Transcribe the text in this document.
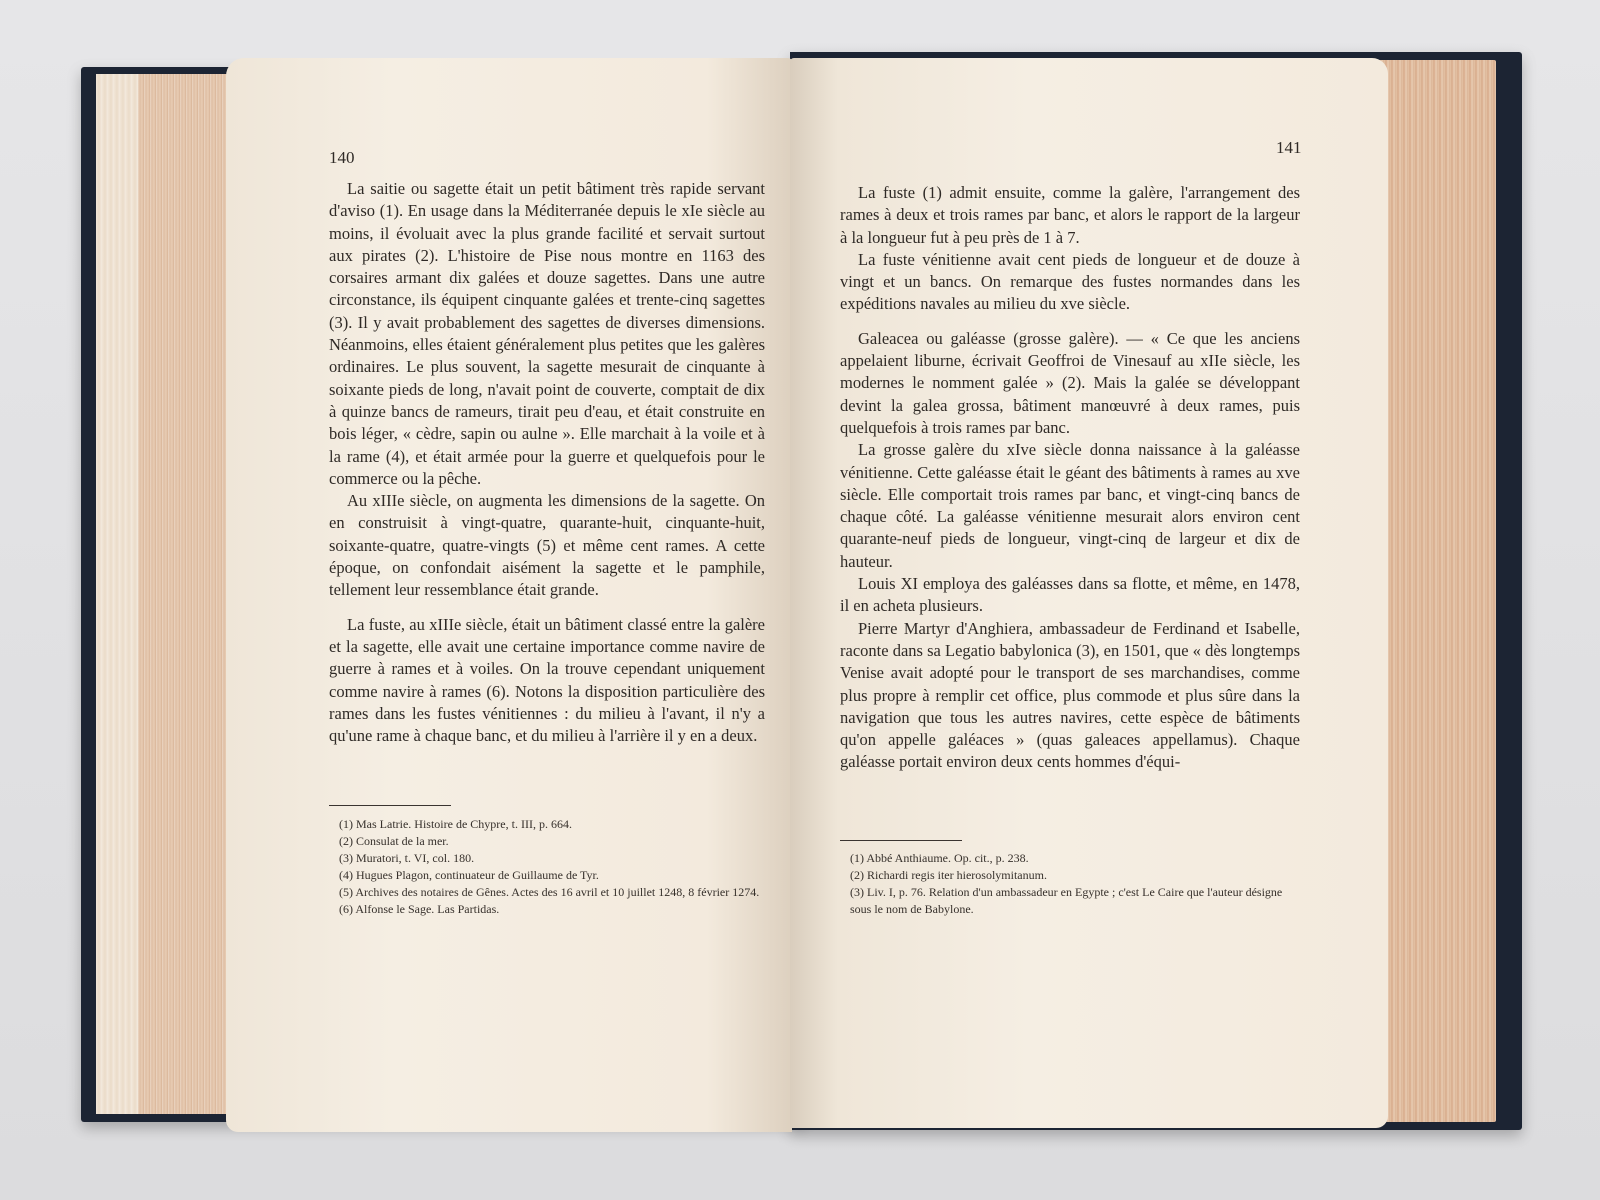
140

La saitie ou sagette était un petit bâtiment très rapide servant d'aviso (1). En usage dans la Méditerranée depuis le xIe siècle au moins, il évoluait avec la plus grande facilité et servait surtout aux pirates (2). L'histoire de Pise nous montre en 1163 des corsaires armant dix galées et douze sagettes. Dans une autre circonstance, ils équipent cinquante galées et trente-cinq sagettes (3). Il y avait probablement des sagettes de diverses dimensions. Néanmoins, elles étaient généralement plus petites que les galères ordinaires. Le plus souvent, la sagette mesurait de cinquante à soixante pieds de long, n'avait point de couverte, comptait de dix à quinze bancs de rameurs, tirait peu d'eau, et était construite en bois léger, « cèdre, sapin ou aulne ». Elle marchait à la voile et à la rame (4), et était armée pour la guerre et quelquefois pour le commerce ou la pêche.

Au xIIIe siècle, on augmenta les dimensions de la sagette. On en construisit à vingt-quatre, quarante-huit, cinquante-huit, soixante-quatre, quatre-vingts (5) et même cent rames. A cette époque, on confondait aisément la sagette et le pamphile, tellement leur ressemblance était grande.

La fuste, au xIIIe siècle, était un bâtiment classé entre la galère et la sagette, elle avait une certaine importance comme navire de guerre à rames et à voiles. On la trouve cependant uniquement comme navire à rames (6). Notons la disposition particulière des rames dans les fustes vénitiennes : du milieu à l'avant, il n'y a qu'une rame à chaque banc, et du milieu à l'arrière il y en a deux.

(1) Mas Latrie. Histoire de Chypre, t. III, p. 664.
(2) Consulat de la mer.
(3) Muratori, t. VI, col. 180.
(4) Hugues Plagon, continuateur de Guillaume de Tyr.
(5) Archives des notaires de Gênes. Actes des 16 avril et 10 juillet 1248, 8 février 1274.
(6) Alfonse le Sage. Las Partidas.
141

La fuste (1) admit ensuite, comme la galère, l'arrangement des rames à deux et trois rames par banc, et alors le rapport de la largeur à la longueur fut à peu près de 1 à 7.

La fuste vénitienne avait cent pieds de longueur et de douze à vingt et un bancs. On remarque des fustes normandes dans les expéditions navales au milieu du xve siècle.

Galeacea ou galéasse (grosse galère). — « Ce que les anciens appelaient liburne, écrivait Geoffroi de Vinesauf au xIIe siècle, les modernes le nomment galée » (2). Mais la galée se développant devint la galea grossa, bâtiment manœuvré à deux rames, puis quelquefois à trois rames par banc.

La grosse galère du xIve siècle donna naissance à la galéasse vénitienne. Cette galéasse était le géant des bâtiments à rames au xve siècle. Elle comportait trois rames par banc, et vingt-cinq bancs de chaque côté. La galéasse vénitienne mesurait alors environ cent quarante-neuf pieds de longueur, vingt-cinq de largeur et dix de hauteur.

Louis XI employa des galéasses dans sa flotte, et même, en 1478, il en acheta plusieurs.

Pierre Martyr d'Anghiera, ambassadeur de Ferdinand et Isabelle, raconte dans sa Legatio babylonica (3), en 1501, que « dès longtemps Venise avait adopté pour le transport de ses marchandises, comme plus propre à remplir cet office, plus commode et plus sûre dans la navigation que tous les autres navires, cette espèce de bâtiments qu'on appelle galéaces » (quas galeaces appellamus). Chaque galéasse portait environ deux cents hommes d'équi-

(1) Abbé Anthiaume. Op. cit., p. 238.
(2) Richardi regis iter hierosolymitanum.
(3) Liv. I, p. 76. Relation d'un ambassadeur en Egypte ; c'est Le Caire que l'auteur désigne sous le nom de Babylone.
